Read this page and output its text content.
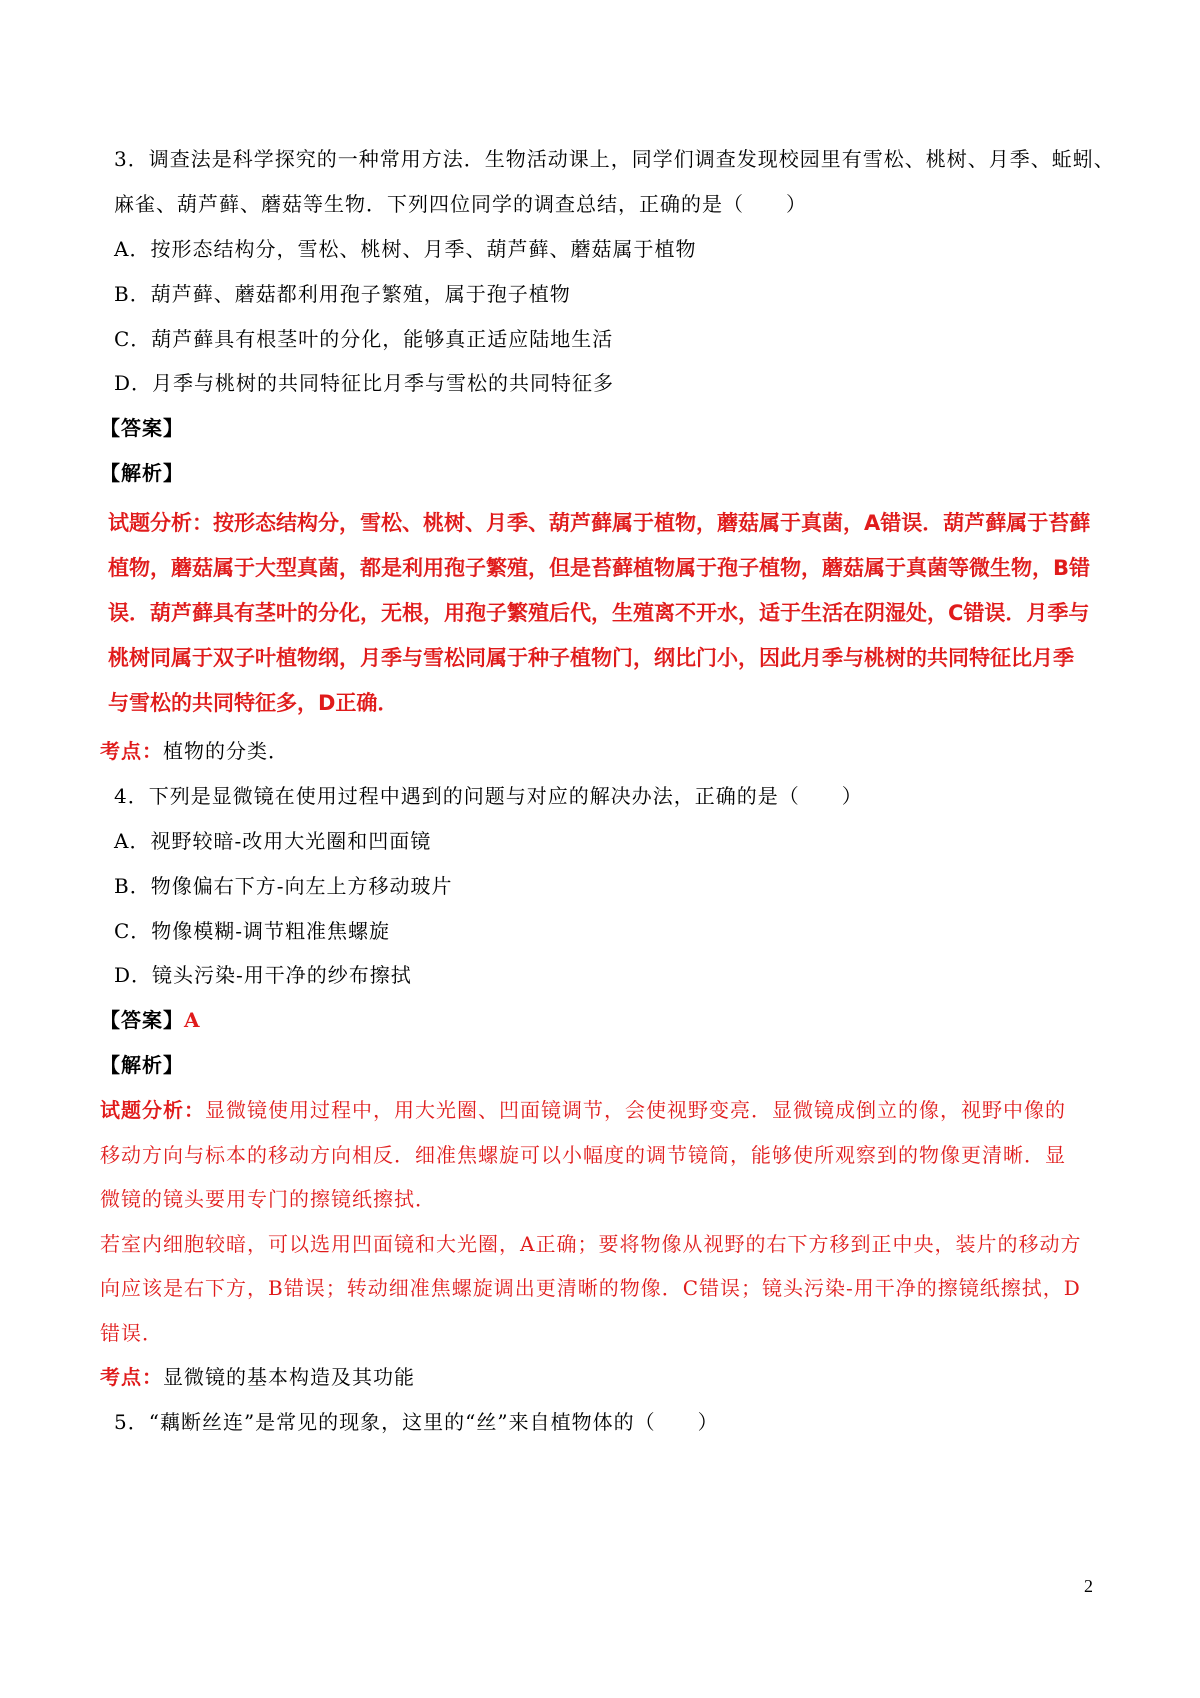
3．调查法是科学探究的一种常用方法．生物活动课上，同学们调查发现校园里有雪松、桃树、月季、蚯蚓、
麻雀、葫芦藓、蘑菇等生物．下列四位同学的调查总结，正确的是（　　）
A．按形态结构分，雪松、桃树、月季、葫芦藓、蘑菇属于植物
B．葫芦藓、蘑菇都利用孢子繁殖，属于孢子植物
C．葫芦藓具有根茎叶的分化，能够真正适应陆地生活
D．月季与桃树的共同特征比月季与雪松的共同特征多
【答案】
【解析】
试题分析：按形态结构分，雪松、桃树、月季、葫芦藓属于植物，蘑菇属于真菌，A错误．葫芦藓属于苔藓
植物，蘑菇属于大型真菌，都是利用孢子繁殖，但是苔藓植物属于孢子植物，蘑菇属于真菌等微生物，B错
误．葫芦藓具有茎叶的分化，无根，用孢子繁殖后代，生殖离不开水，适于生活在阴湿处，C错误．月季与
桃树同属于双子叶植物纲，月季与雪松同属于种子植物门，纲比门小，因此月季与桃树的共同特征比月季
与雪松的共同特征多，D正确．
考点：植物的分类．
4．下列是显微镜在使用过程中遇到的问题与对应的解决办法，正确的是（　　）
A．视野较暗-改用大光圈和凹面镜
B．物像偏右下方-向左上方移动玻片
C．物像模糊-调节粗准焦螺旋
D．镜头污染-用干净的纱布擦拭
【答案】A
【解析】
试题分析：显微镜使用过程中，用大光圈、凹面镜调节，会使视野变亮．显微镜成倒立的像，视野中像的
移动方向与标本的移动方向相反．细准焦螺旋可以小幅度的调节镜筒，能够使所观察到的物像更清晰．显
微镜的镜头要用专门的擦镜纸擦拭．
若室内细胞较暗，可以选用凹面镜和大光圈，A正确；要将物像从视野的右下方移到正中央，装片的移动方
向应该是右下方，B错误；转动细准焦螺旋调出更清晰的物像．C错误；镜头污染-用干净的擦镜纸擦拭，D
错误．
考点：显微镜的基本构造及其功能
5．“藕断丝连”是常见的现象，这里的“丝”来自植物体的（　　）
2
